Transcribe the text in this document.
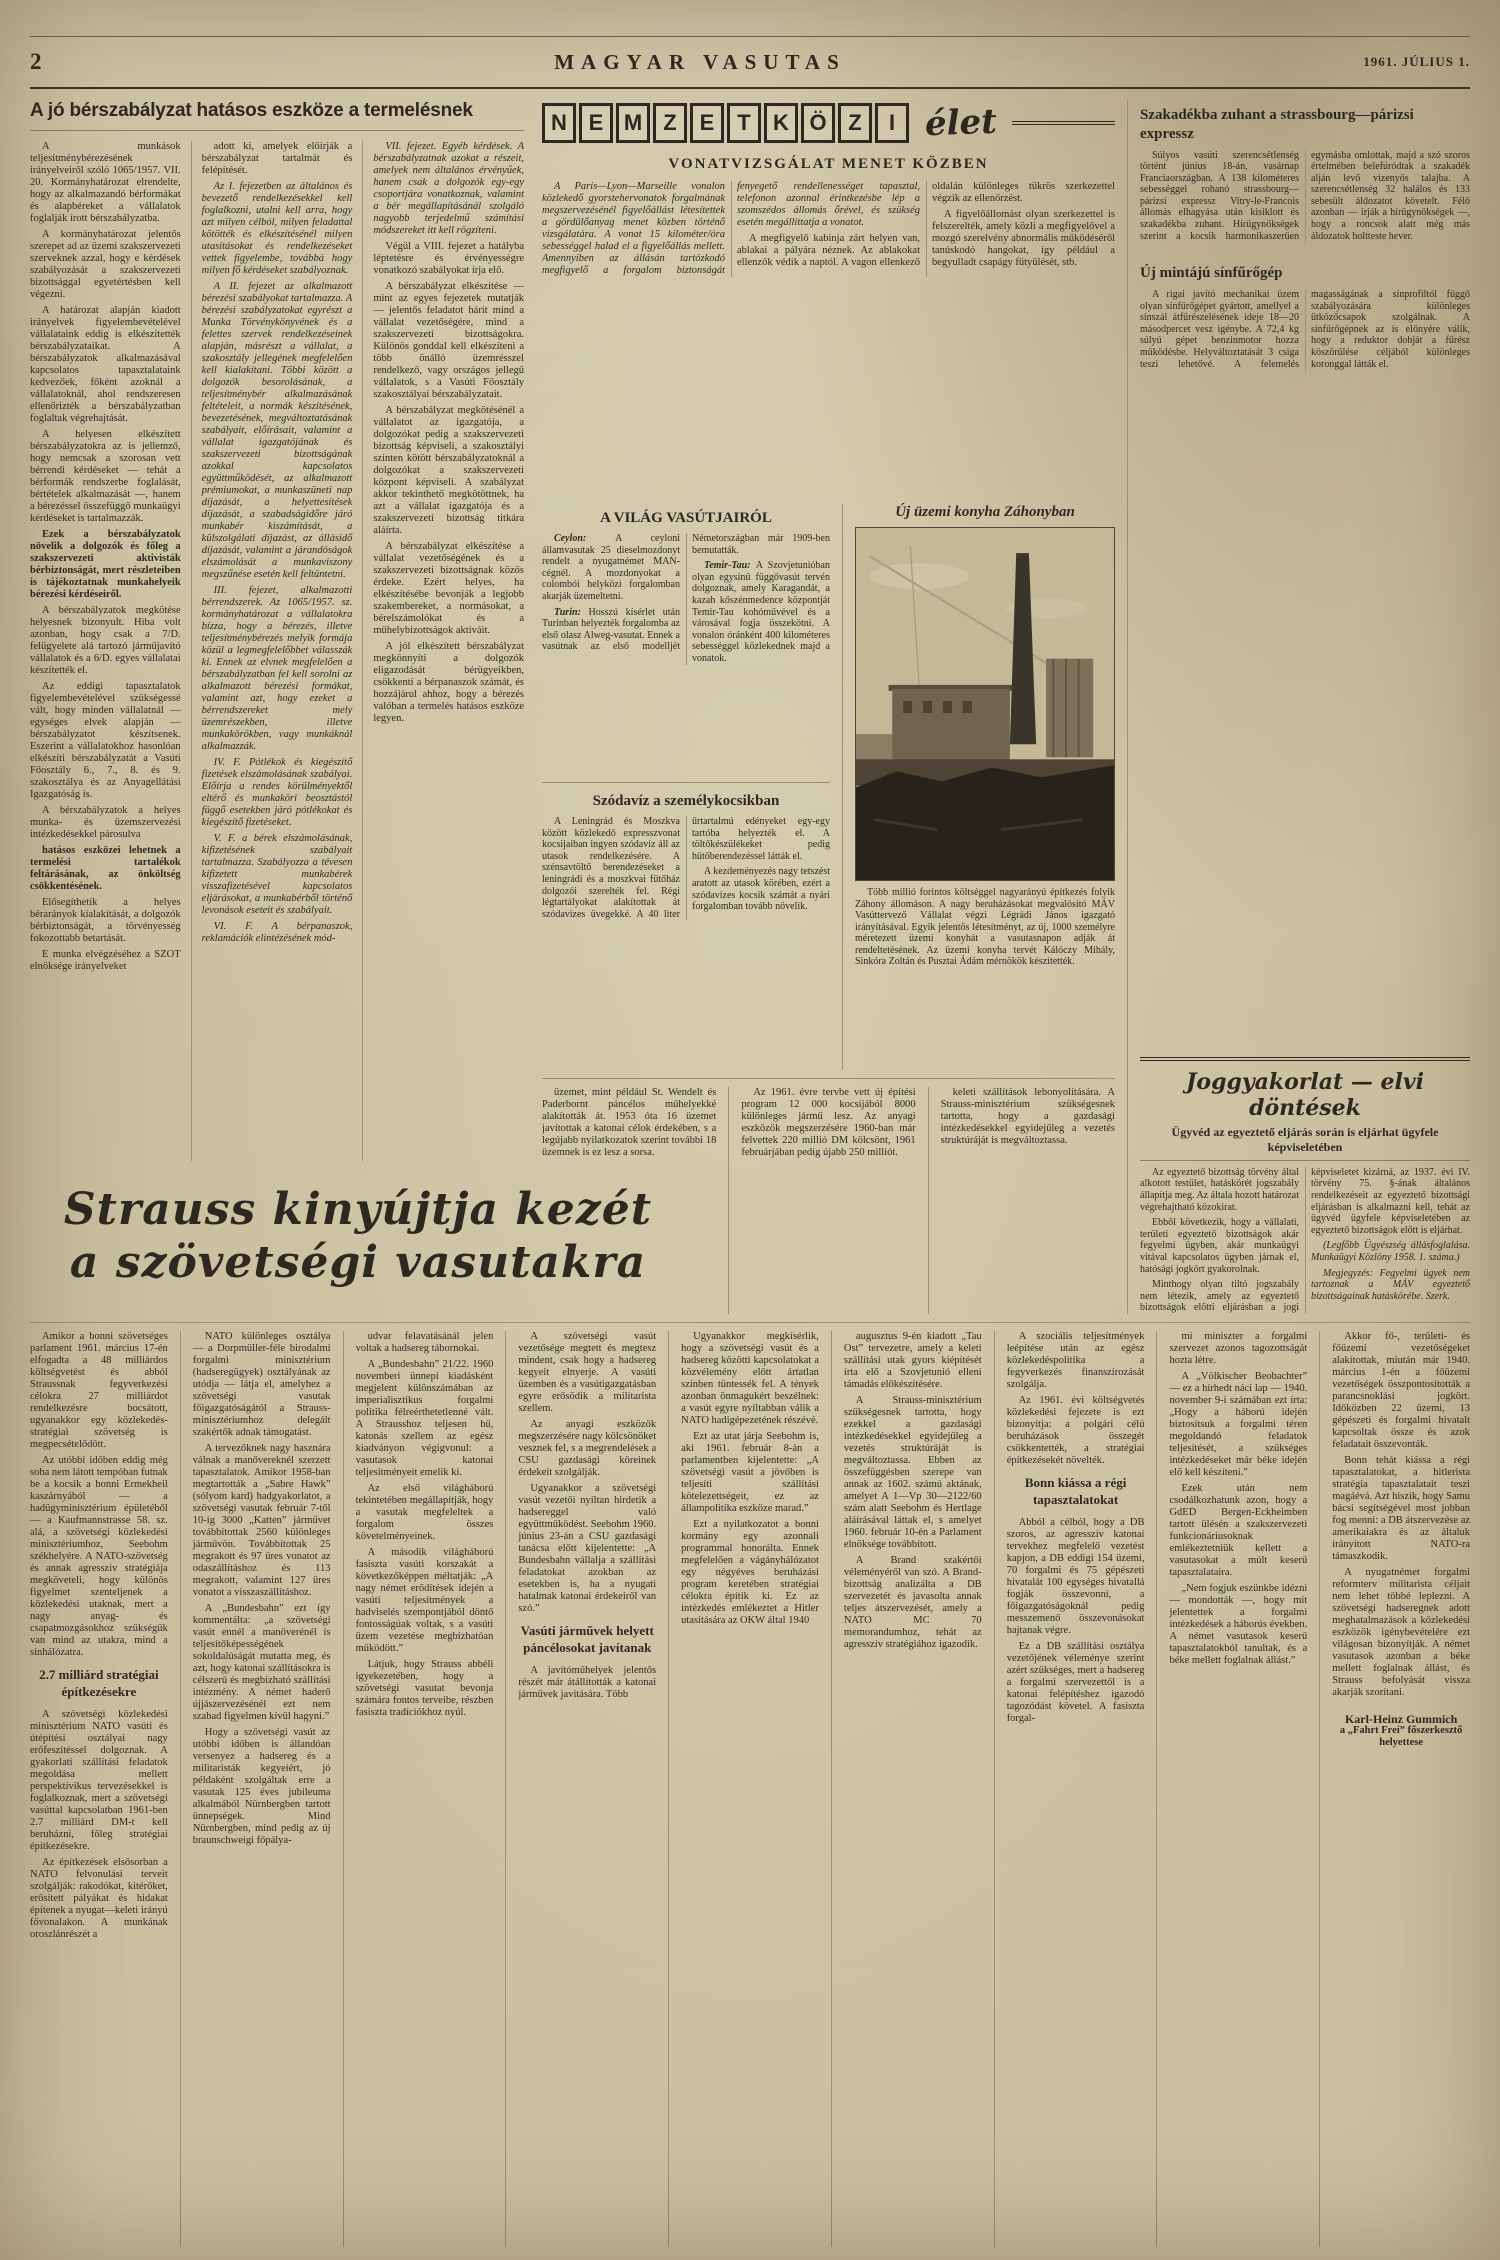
2	MAGYAR VASUTAS	1961. JÚLIUS 1.
A jó bérszabályzat hatásos eszköze a termelésnek

A munkások teljesítménybérezésének irányelveiről szóló 1065/1957. VII. 20. Kormányhatározat elrendelte, hogy az alkalmazandó bérformákat és alapbéreket a vállalatok foglalják írott bérszabályzatba.

A kormányhatározat jelentős szerepet ad az üzemi szakszervezeti szerveknek azzal, hogy e kérdések szabályozását a szakszervezeti bizottsággal egyetértésben kell végezni.

A határozat alapján kiadott irányelvek figyelembevételével vállalataink eddig is elkészítették bérszabályzataikat. A bérszabályzatok alkalmazásával kapcsolatos tapasztalataink kedvezőek, főként azoknál a vállalatoknál, ahol rendszeresen ellenőrizték a bérszabályzatban foglaltak végrehajtását.

A helyesen elkészített bérszabályzatokra az is jellemző, hogy nemcsak a szorosan vett bérrendi kérdéseket — tehát a bérformák rendszerbe foglalását, bértételek alkalmazását —, hanem a bérezéssel összefüggő munkaügyi kérdéseket is tartalmazzák.

Ezek a bérszabályzatok növelik a dolgozók és főleg a szakszervezeti aktivisták bérbiztonságát, mert részleteiben is tájékoztatnak munkahelyeik bérezési kérdéseiről.

A bérszabályzatok megkötése helyesnek bizonyult. Hiba volt azonban, hogy csak a 7/D. felügyelete alá tartozó járműjavító vállalatok és a 6/D. egyes vállalatai készítették el.

Az eddigi tapasztalatok figyelembevételével szükségessé vált, hogy minden vállalatnál — egységes elvek alapján — bérszabályzatot készítsenek. Eszerint a vállalatokhoz hasonlóan elkészíti bérszabályzatát a Vasúti Főosztály 6., 7., 8. és 9. szakosztálya és az Anyagellátási Igazgatóság is.

A bérszabályzatok a helyes munka- és üzemszervezési intézkedésekkel párosulva

hatásos eszközei lehetnek a termelési tartalékok feltárásának, az önköltség csökkentésének.

Elősegíthetik a helyes bérarányok kialakítását, a dolgozók bérbiztonságát, a törvényesség fokozottabb betartását.

E munka elvégzéséhez a SZOT elnöksége irányelveket

adott ki, amelyek előírják a bérszabályzat tartalmát és felépítését.

Az I. fejezetben az általános és bevezető rendelkezésekkel kell foglalkozni, utalni kell arra, hogy azt milyen célból, milyen feladattal kötötték és elkészítésénél milyen utasításokat és rendelkezéseket vettek figyelembe, továbbá hogy milyen fő kérdéseket szabályoznak.

A II. fejezet az alkalmazott bérezési szabályokat tartalmazza. A bérezési szabályzatokat egyrészt a Munka Törvénykönyvének és a felettes szervek rendelkezéseinek alapján, másrészt a vállalat, a szakosztály jellegének megfelelően kell kialakítani. Többi között a dolgozók besorolásának, a teljesítménybér alkalmazásának feltételeit, a normák készítésének, bevezetésének, megváltoztatásának szabályait, előírásait, valamint a vállalat igazgatójának és szakszervezeti bizottságának azokkal kapcsolatos együttműködését, az alkalmazott prémiumokat, a munkaszüneti nap díjazását, a helyettesítések díjazását, a szabadságidőre járó munkabér kiszámítását, a külszolgálati díjazást, az állásidő díjazását, valamint a járandóságok elszámolását a munkaviszony megszűnése esetén kell feltüntetni.

III. fejezet, alkalmazotti bérrendszerek. Az 1065/1957. sz. kormányhatározat a vállalatokra bízza, hogy a bérezés, illetve teljesítménybérezés melyik formája közül a legmegfelelőbbet válasszák ki. Ennek az elvnek megfelelően a bérszabályzatban fel kell sorolni az alkalmazott bérezési formákat, valamint azt, hogy ezeket a bérrendszereket mely üzemrészekben, illetve munkakörökben, vagy munkáknál alkalmazzák.

IV. F. Pótlékok és kiegészítő fizetések elszámolásának szabályai. Előírja a rendes körülményektől eltérő és munkaköri beosztástól függő esetekben járó pótlékokat és kiegészítő fizetéseket.

V. F. a bérek elszámolásának, kifizetésének szabályait tartalmazza. Szabályozza a tévesen kifizetett munkabérek visszafizetésével kapcsolatos eljárásokat, a munkabérből történő levonások eseteit és szabályait.

VI. F. A bérpanaszok, reklamációk elintézésének mód-

VII. fejezet. Egyéb kérdések. A bérszabályzatnak azokat a részeit, amelyek nem általános érvényűek, hanem csak a dolgozók egy-egy csoportjára vonatkoznak, valamint a bér megállapításánál szolgáló nagyobb terjedelmű számítási módszereket itt kell rögzíteni.

Végül a VIII. fejezet a hatályba léptetésre és érvényességre vonatkozó szabályokat írja elő.

A bérszabályzat elkészítése — mint az egyes fejezetek mutatják — jelentős feladatot hárít mind a vállalat vezetőségére, mind a szakszervezeti bizottságokra. Különös gonddal kell elkészíteni a több önálló üzemrésszel rendelkező, vagy országos jellegű vállalatok, s a Vasúti Főosztály szakosztályai bérszabályzatait.

A bérszabályzat megkötésénél a vállalatot az igazgatója, a dolgozókat pedig a szakszervezeti bizottság képviseli, a szakosztályi szinten kötött bérszabályzatoknál a dolgozókat a szakszervezeti központ képviseli. A szabályzat akkor tekinthető megkötöttnek, ha azt a vállalat igazgatója és a szakszervezeti bizottság titkára aláírta.

A bérszabályzat elkészítése a vállalat vezetőségének és a szakszervezeti bizottságnak közös érdeke. Ezért helyes, ha elkészítésébe bevonják a legjobb szakembereket, a normásokat, a bérelszámolókat és a műhelybizottságok aktíváit.

A jól elkészített bérszabályzat megkönnyíti a dolgozók eligazodását bérügyeikben, csökkenti a bérpanaszok számát, és hozzájárul ahhoz, hogy a bérezés valóban a termelés hatásos eszköze legyen.

N E M Z E T K Ö Z I élet
VONATVIZSGÁLAT MENET KÖZBEN

A Paris—Lyon—Marseille vonalon közlekedő gyorstehervonatok forgalmának megszervezésénél figyelőállást létesítettek a gördülőanyag menet közben történő vizsgálatára. A vonat 15 kilométer/óra sebességgel halad el a figyelőállás mellett. Amennyiben az állásán tartózkodó megfigyelő a forgalom biztonságát fenyegető rendellenességet tapasztal, telefonon azonnal érintkezésbe lép a szomszédos állomás őrével, és szükség esetén megállíttatja a vonatot.

A megfigyelő kabinja zárt helyen van, ablakai a pályára néznek. Az ablakokat ellenzők védik a naptól. A vagon ellenkező oldalán különleges tükrös szerkezettel végzik az ellenőrzést.

A figyelőállomást olyan szerkezettel is felszerelték, amely közli a megfigyelővel a mozgó szerelvény abnormális működéséről tanúskodó hangokat, így például a begyulladt csapágy fütyülését, stb.

A VILÁG VASÚTJAIRÓL

Ceylon: A ceyloni államvasutak 25 dieselmozdonyt rendelt a nyugatnémet MAN-cégnél. A mozdonyokat a colombói helyközi forgalomban akarják üzemeltetni.

Turin: Hosszú kísérlet után Turinban helyezték forgalomba az első olasz Alweg-vasutat. Ennek a vasútnak az első modelljét Németországban már 1909-ben bemutatták.

Temir-Tau: A Szovjetunióban olyan egysínű függővasút tervén dolgoznak, amely Karagandát, a kazah kőszénmedence központját Temir-Tau kohóművével és a városával fogja összekötni. A vonalon óránként 400 kilométeres sebességgel közlekednek majd a vonatok.

Szódavíz a személykocsikban

A Leningrád és Moszkva között közlekedő expresszvonat kocsijaiban ingyen szódavíz áll az utasok rendelkezésére. A szénsavtöltő berendezéseket a leningrádi és a moszkvai fűtőház dolgozói szerelték fel. Régi légtartályokat alakítottak át szódavizes üvegekké. A 40 liter űrtartalmú edényeket egy-egy tartóba helyezték el. A töltőkészülékeket pedig hűtőberendezéssel látták el.

A kezdeményezés nagy tetszést aratott az utasok körében, ezért a szódavizes kocsik számát a nyári forgalomban tovább növelik.

Új üzemi konyha Záhonyban

Több millió forintos költséggel nagyarányú építkezés folyik Záhony állomáson. A nagy beruházásokat megvalósító MÁV Vasúttervező Vállalat végzi Légrádi János igazgató irányításával. Egyik jelentős létesítményt, az új, 1000 személyre méretezett üzemi konyhát a vasutasnapon adják át rendeltetésének. Az üzemi konyha tervét Kálóczy Mihály, Sinkóra Zoltán és Pusztai Ádám mérnökök készítették.

üzemet, mint például St. Wendelt és Paderbornt páncélos műhelyekké alakították át. 1953 óta 16 üzemet javítottak a katonai célok érdekében, s a legújabb nyilatkozatok szerint további 18 üzemnek is ez lesz a sorsa.

Az 1961. évre tervbe vett új építési program 12 000 kocsijából 8000 különleges jármű lesz. Az anyagi eszközök megszerzésére 1960-ban már felvettek 220 millió DM kölcsönt, 1961 februárjában pedig újabb 250 milliót.

keleti szállítások lebonyolítására. A Strauss-minisztérium szükségesnek tartotta, hogy a gazdasági intézkedésekkel egyidejűleg a vezetés struktúráját is megváltoztassa.

Szakadékba zuhant a strassbourg—párizsi expressz

Súlyos vasúti szerencsétlenség történt június 18-án, vasárnap Franciaországban. A 138 kilométeres sebességgel rohanó strassbourg—párizsi expressz Vitry-le-Francois állomás elhagyása után kisiklott és szakadékba zuhant. Hírügynökségek szerint a kocsik harmonikaszerűen egymásba omlottak, majd a szó szoros értelmében belefúródtak a szakadék alján levő vizenyős talajba. A szerencsétlenség 32 halálos és 133 sebesült áldozatot követelt. Félő azonban — írják a hírügynökségek —, hogy a roncsok alatt még más áldozatok holtteste hever.

Új mintájú sínfűrőgép

A rigai javító mechanikai üzem olyan sínfűrőgépet gyártott, amellyel a sínszál átfűrészelésének ideje 18—20 másodpercet vesz igénybe. A 72,4 kg súlyú gépet benzinmotor hozza működésbe. Helyváltoztatását 3 csiga teszi lehetővé. A felemelés magasságának a sínprofiltól függő szabályozására különleges ütközőcsapok szolgálnak. A sínfűrőgépnek az is előnyére válik, hogy a reduktor dobját a fűrész köszörülése céljából különleges koronggal látták el.

Joggyakorlat — elvi döntések

Ügyvéd az egyeztető eljárás során is eljárhat ügyfele képviseletében

Az egyeztető bizottság törvény által alkotott testület, hatáskörét jogszabály állapítja meg. Az általa hozott határozat végrehajtható közokirat.

Ebből következik, hogy a vállalati, területi egyeztető bizottságok akár fegyelmi ügyben, akár munkaügyi vitával kapcsolatos ügyben járnak el, hatósági jogkört gyakorolnak.

Minthogy olyan tiltó jogszabály nem létezik, amely az egyeztető bizottságok előtti eljárásban a jogi képviseletet kizárná, az 1937. évi IV. törvény 75. §-ának általános rendelkezéseit az egyeztető bizottsági eljárásban is alkalmazni kell, tehát az ügyvéd ügyfele képviseletében az egyeztető bizottságok előtt is eljárhat.

(Legfőbb Ügyészség állásfoglalása. Munkaügyi Közlöny 1958. 1. száma.)

Megjegyzés: Fegyelmi ügyek nem tartoznak a MÁV egyeztető bizottságainak hatáskörébe. Szerk.

Strauss kinyújtja kezét
a szövetségi vasutakra

Amikor a bonni szövetséges parlament 1961. március 17-én elfogadta a 48 milliárdos költségvetést és abból Straussnak fegyverkezési célokra 27 milliárdot rendelkezésre bocsátott, ugyanakkor egy közlekedés-stratégiai szövetség is megpecsételődött.

Az utóbbi időben eddig még soha nem látott tempóban futnak be a kocsik a bonni Ermekheil kaszárnyából — a hadügyminisztérium épületéből — a Kaufmannstrasse 58. sz. alá, a szövetségi közlekedési minisztériumhoz, Seebohm székhelyére. A NATO-szövetség és annak agresszív stratégiája megköveteli, hogy különös figyelmet szenteljenek a közlekedési utaknak, mert a nagy anyag- és csapatmozgásokhoz szükségük van mind az utakra, mind a sínhálózatra.

2.7 milliárd stratégiai építkezésekre

A szövetségi közlekedési minisztérium NATO vasúti és útépítési osztályai nagy erőfeszítéssel dolgoznak. A gyakorlati szállítási feladatok megoldása mellett perspektivikus tervezésekkel is foglalkoznak, mert a szövetségi vasúttal kapcsolatban 1961-ben 2.7 milliárd DM-t kell beruházni, főleg stratégiai építkezésekre.

Az építkezések elsősorban a NATO felvonulási terveit szolgálják: rakodókat, kitérőket, erősített pályákat és hidakat építenek a nyugat—keleti irányú fővonalakon. A munkának oroszlánrészét a

NATO különleges osztálya — a Dorpmüller-féle birodalmi forgalmi minisztérium (hadseregügyek) osztályának az utódja — látja el, amelyhez a szövetségi vasutak főigazgatóságától a Strauss-minisztériumhoz delegált szakértők adnak támogatást.

A tervezőknek nagy hasznára válnak a manővereknél szerzett tapasztalatok. Amikor 1958-ban megtartották a „Sabre Hawk” (sólyom kard) hadgyakorlatot, a szövetségi vasutak február 7-től 10-ig 3000 „Katten” járművet továbbítottak 2560 különleges járművön. Továbbítottak 25 megrakott és 97 üres vonatot az odaszállításhoz és 113 megrakott, valamint 127 üres vonatot a visszaszállításhoz.

A „Bundesbahn” ezt így kommentálta: „a szövetségi vasút ennél a manőverénél is teljesítőképességének sokoldalúságát mutatta meg, és azt, hogy katonai szállításokra is célszerű és megbízható szállítási intézmény. A német haderő újjászervezésénél ezt nem szabad figyelmen kívül hagyni.”

Hogy a szövetségi vasút az utóbbi időben is állandóan versenyez a hadsereg és a militaristák kegyeiért, jó példaként szolgáltak erre a vasutak 125 éves jubileuma alkalmából Nürnbergben tartott ünnepségek. Mind Nürnbergben, mind pedig az új braunschweigi főpálya-

udvar felavatásánál jelen voltak a hadsereg tábornokai.

A „Bundesbahn” 21/22. 1960 novemberi ünnepi kiadásként megjelent különszámában az imperialisztikus forgalmi politika félreérthetetlenné vált. A Strausshoz teljesen hű, katonás szellem az egész kiadványon végigvonul: a vasutasok katonai teljesítményeit emelik ki.

Az első világháború tekintetében megállapítják, hogy a vasutak megfeleltek a forgalom összes követelményeinek.

A második világháború fasiszta vasúti korszakát a következőképpen méltatják: „A nagy német erődítések idején a vasúti teljesítmények a hadviselés szempontjából döntő fontosságúak voltak, s a vasúti üzem vezetése megbízhatóan működött.”

Látjuk, hogy Strauss abbéli igyekezetében, hogy a szövetségi vasutat bevonja számára fontos terveibe, részben fasiszta tradíciókhoz nyúl.

A szövetségi vasút vezetősége megtett és megtesz mindent, csak hogy a hadsereg kegyeit elnyerje. A vasúti üzemben és a vasútigazgatásban egyre erősödik a militarista szellem.

Az anyagi eszközök megszerzésére nagy kölcsönöket vesznek fel, s a megrendelések a CSU gazdasági köreinek érdekeit szolgálják.

Ugyanakkor a szövetségi vasút vezetői nyíltan hirdetik a hadsereggel való együttműködést. Seebohm 1960. június 23-án a CSU gazdasági tanácsa előtt kijelentette: „A Bundesbahn vállalja a szállítási feladatokat azokban az esetekben is, ha a nyugati hatalmak katonai érdekeiről van szó.”

Vasúti járművek helyett páncélosokat javítanak

A javítóműhelyek jelentős részét már átállították a katonai járművek javítására. Több

Ugyanakkor megkísérlik, hogy a szövetségi vasút és a hadsereg közötti kapcsolatokat a közvélemény előtt ártatlan színben tüntessék fel. A tények azonban önmagukért beszélnek: a vasút egyre nyíltabban válik a NATO hadigépezetének részévé.

Ezt az utat járja Seebohm is, aki 1961. február 8-án a parlamentben kijelentette: „A szövetségi vasút a jövőben is teljesíti szállítási kötelezettségeit, ez az állampolitika eszköze marad.”

Ezt a nyilatkozatot a bonni kormány egy azonnali programmal honorálta. Ennek megfelelően a vágányhálózatot egy négyéves beruházási program keretében stratégiai célokra építik ki. Ez az intézkedés emlékeztet a Hitler utasítására az OKW által 1940

augusztus 9-én kiadott „Tau Ost” tervezetre, amely a keleti szállítási utak gyors kiépítését írta elő a Szovjetunió elleni támadás előkészítésére.

A Strauss-minisztérium szükségesnek tartotta, hogy ezekkel a gazdasági intézkedésekkel egyidejűleg a vezetés struktúráját is megváltoztassa. Ebben az összefüggésben szerepe van annak az 1602. számú aktának, amelyet A 1—Vp 30—2122/60 szám alatt Seebohm és Hertlage aláírásával láttak el, s amelyet 1960. február 10-én a Parlament elnöksége továbbított.

A Brand szakértői véleményéről van szó. A Brand-bizottság analizálta a DB szervezetét és javasolta annak teljes átszervezését, amely a NATO MC 70 memorandumhoz, tehát az agresszív stratégiához igazodik.

A szociális teljesítmények leépítése után az egész közlekedéspolitika a fegyverkezés finanszírozását szolgálja.

Az 1961. évi költségvetés közlekedési fejezete is ezt bizonyítja: a polgári célú beruházások összegét csökkentették, a stratégiai építkezésekét növelték.

Bonn kiássa a régi tapasztalatokat

Abból a célból, hogy a DB szoros, az agresszív katonai tervekhez megfelelő vezetést kapjon, a DB eddigi 154 üzemi, 70 forgalmi és 75 gépészeti hivatalát 100 egységes hivatallá fogják összevonni, a főigazgatóságoknál pedig messzemenő összevonásokat hajtanak végre.

Ez a DB szállítási osztálya vezetőjének véleménye szerint azért szükséges, mert a hadsereg a forgalmi szervezettől is a katonai felépítéshez igazodó tagozódást követel. A fasiszta forgal-

mi miniszter a forgalmi szervezet azonos tagozottságát hozta létre.

A „Völkischer Beobachter” — ez a hírhedt náci lap — 1940. november 9-i számában ezt írta: „Hogy a háború idején biztosítsuk a forgalmi téren megoldandó feladatok teljesítését, a szükséges intézkedéseket már béke idején elő kell készíteni.”

Ezek után nem csodálkozhatunk azon, hogy a GdED Bergen-Eckheimben tartott ülésén a szakszervezeti funkcionáriusoknak emlékeztetniük kellett a vasutasokat a múlt keserű tapasztalataira.

„Nem fogjuk eszünkbe idézni — mondották —, hogy mit jelentettek a forgalmi intézkedések a háborús években. A német vasutasok keserű tapasztalatokból tanultak, és a béke mellett foglalnak állást.”

Akkor fő-, területi- és főüzemi vezetőségeket alakítottak, miután már 1940. március 1-én a főüzemi vezetőségek összpontosították a parancsnoklási jogkört. Időközben 22 üzemi, 13 gépészeti és forgalmi hivatalt kapcsoltak össze és azok feladatait összevonták.

Bonn tehát kiássa a régi tapasztalatokat, a hitlerista stratégia tapasztalatait teszi magáévá. Azt hiszik, hogy Samu bácsi segítségével most jobban fog menni: a DB átszervezése az amerikaiakra és az általuk irányított NATO-ra támaszkodik.

A nyugatnémet forgalmi reformterv militarista céljait nem lehet többé leplezni. A szövetségi hadseregnek adott meghatalmazások a közlekedési eszközök igénybevételére ezt világosan bizonyítják. A német vasutasok azonban a béke mellett foglalnak állást, és Strauss befolyását vissza akarják szorítani.

Karl-Heinz Gummich
a „Fahrt Frei” főszerkesztő helyettese
